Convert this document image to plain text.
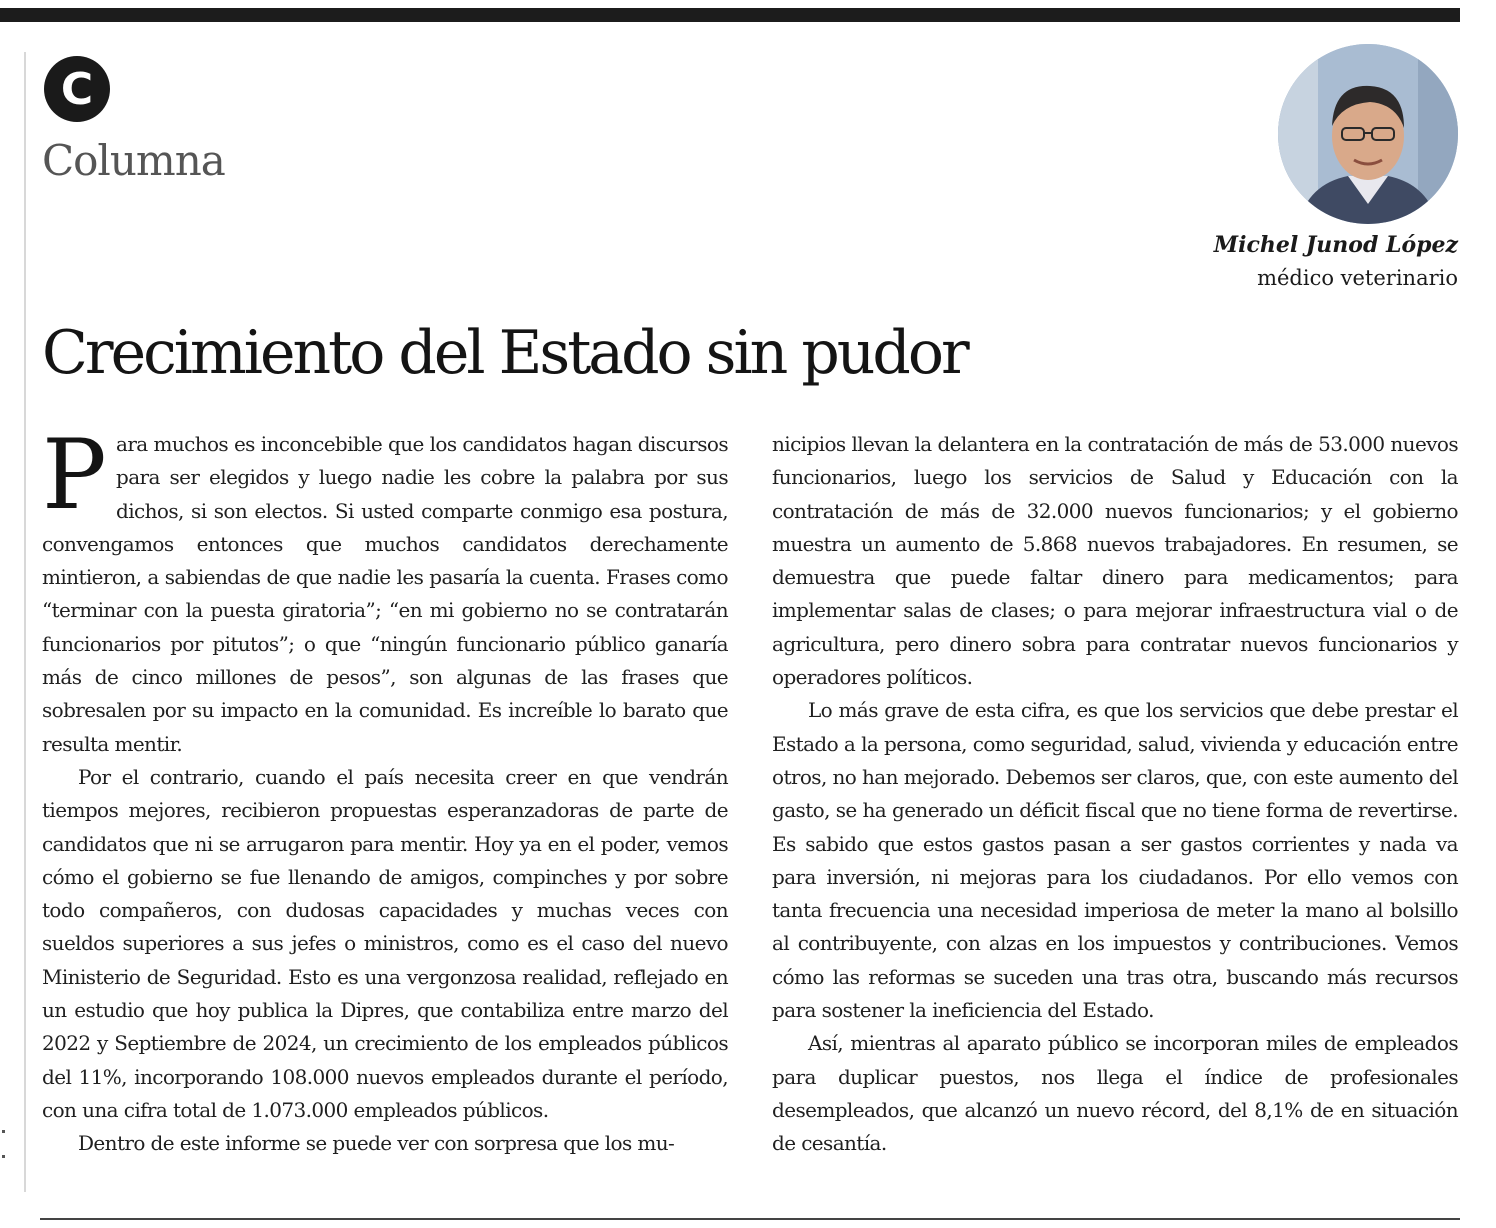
C
Columna
Michel Junod López
médico veterinario
Crecimiento del Estado sin pudor

Para muchos es inconcebible que los candidatos hagan discursos para ser elegidos y luego nadie les cobre la palabra por sus dichos, si son electos. Si usted comparte conmigo esa postura, convengamos entonces que muchos candidatos derechamente mintieron, a sabiendas de que nadie les pasaría la cuenta. Frases como “terminar con la puesta giratoria”; “en mi gobierno no se contratarán funcionarios por pitutos”; o que “ningún funcionario público ganaría más de cinco millones de pesos”, son algunas de las frases que sobresalen por su impacto en la comunidad. Es increíble lo barato que resulta mentir.

Por el contrario, cuando el país necesita creer en que vendrán tiempos mejores, recibieron propuestas esperanzadoras de parte de candidatos que ni se arrugaron para mentir. Hoy ya en el poder, vemos cómo el gobierno se fue llenando de amigos, compinches y por sobre todo compañeros, con dudosas capacidades y muchas veces con sueldos superiores a sus jefes o ministros, como es el caso del nuevo Ministerio de Seguridad. Esto es una vergonzosa realidad, reflejado en un estudio que hoy publica la Dipres, que contabiliza entre marzo del 2022 y Septiembre de 2024, un crecimiento de los empleados públicos del 11%, incorporando 108.000 nuevos empleados durante el período, con una cifra total de 1.073.000 empleados públicos.

Dentro de este informe se puede ver con sorpresa que los mu-

nicipios llevan la delantera en la contratación de más de 53.000 nuevos funcionarios, luego los servicios de Salud y Educación con la contratación de más de 32.000 nuevos funcionarios; y el gobierno muestra un aumento de 5.868 nuevos trabajadores. En resumen, se demuestra que puede faltar dinero para medicamentos; para implementar salas de clases; o para mejorar infraestructura vial o de agricultura, pero dinero sobra para contratar nuevos funcionarios y operadores políticos.

Lo más grave de esta cifra, es que los servicios que debe prestar el Estado a la persona, como seguridad, salud, vivienda y educación entre otros, no han mejorado. Debemos ser claros, que, con este aumento del gasto, se ha generado un déficit fiscal que no tiene forma de revertirse. Es sabido que estos gastos pasan a ser gastos corrientes y nada va para inversión, ni mejoras para los ciudadanos. Por ello vemos con tanta frecuencia una necesidad imperiosa de meter la mano al bolsillo al contribuyente, con alzas en los impuestos y contribuciones. Vemos cómo las reformas se suceden una tras otra, buscando más recursos para sostener la ineficiencia del Estado.

Así, mientras al aparato público se incorporan miles de empleados para duplicar puestos, nos llega el índice de profesionales desempleados, que alcanzó un nuevo récord, del 8,1% de en situación de cesantía.
